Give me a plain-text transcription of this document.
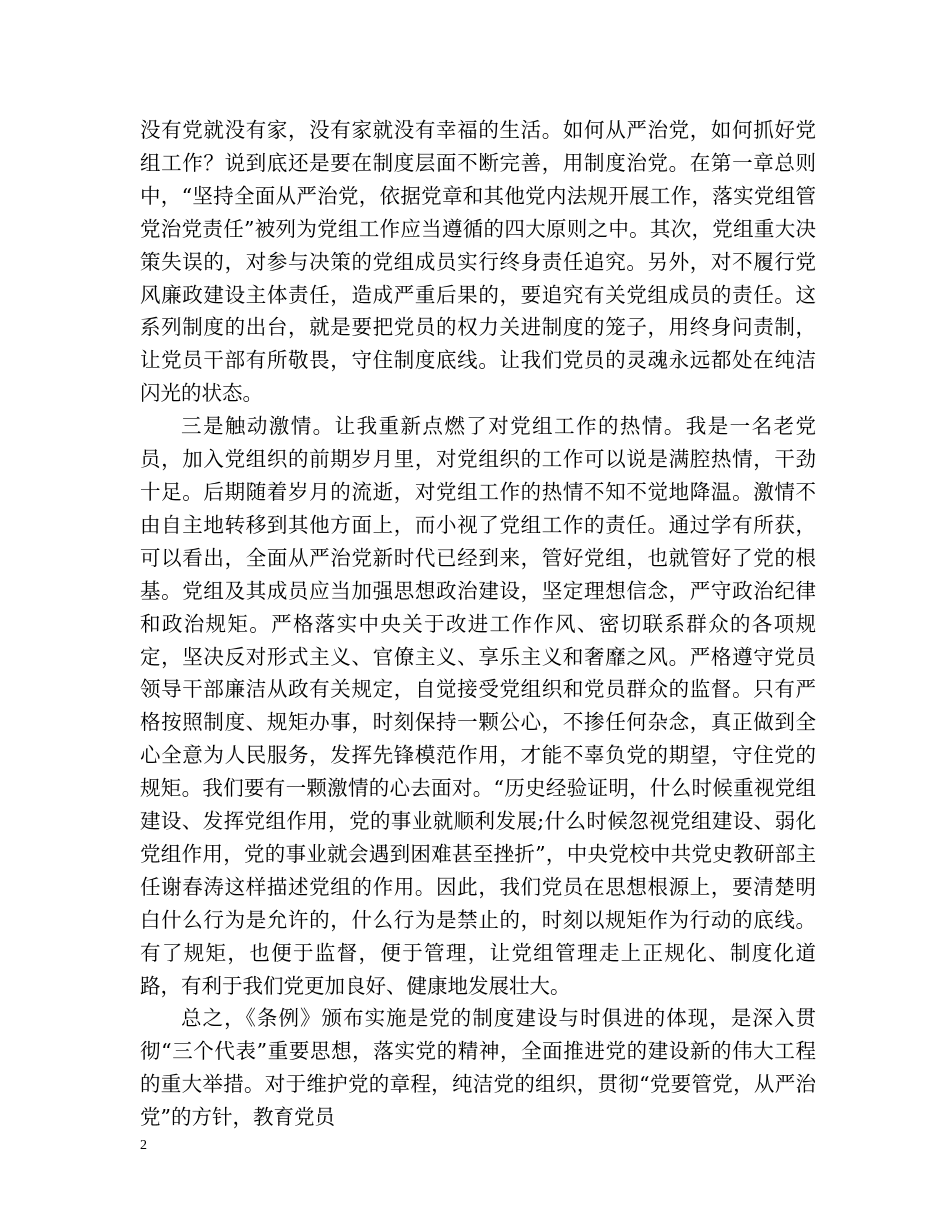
没有党就没有家，没有家就没有幸福的生活。如何从严治党，如何抓好党组工作？说到底还是要在制度层面不断完善，用制度治党。在第一章总则中，“坚持全面从严治党，依据党章和其他党内法规开展工作，落实党组管党治党责任”被列为党组工作应当遵循的四大原则之中。其次，党组重大决策失误的，对参与决策的党组成员实行终身责任追究。另外，对不履行党风廉政建设主体责任，造成严重后果的，要追究有关党组成员的责任。这系列制度的出台，就是要把党员的权力关进制度的笼子，用终身问责制，让党员干部有所敬畏，守住制度底线。让我们党员的灵魂永远都处在纯洁闪光的状态。

三是触动激情。让我重新点燃了对党组工作的热情。我是一名老党员，加入党组织的前期岁月里，对党组织的工作可以说是满腔热情，干劲十足。后期随着岁月的流逝，对党组工作的热情不知不觉地降温。激情不由自主地转移到其他方面上，而小视了党组工作的责任。通过学有所获，可以看出，全面从严治党新时代已经到来，管好党组，也就管好了党的根基。党组及其成员应当加强思想政治建设，坚定理想信念，严守政治纪律和政治规矩。严格落实中央关于改进工作作风、密切联系群众的各项规定，坚决反对形式主义、官僚主义、享乐主义和奢靡之风。严格遵守党员领导干部廉洁从政有关规定，自觉接受党组织和党员群众的监督。只有严格按照制度、规矩办事，时刻保持一颗公心，不掺任何杂念，真正做到全心全意为人民服务，发挥先锋模范作用，才能不辜负党的期望，守住党的规矩。我们要有一颗激情的心去面对。“历史经验证明，什么时候重视党组建设、发挥党组作用，党的事业就顺利发展;什么时候忽视党组建设、弱化党组作用，党的事业就会遇到困难甚至挫折”，中央党校中共党史教研部主任谢春涛这样描述党组的作用。因此，我们党员在思想根源上，要清楚明白什么行为是允许的，什么行为是禁止的，时刻以规矩作为行动的底线。有了规矩，也便于监督，便于管理，让党组管理走上正规化、制度化道路，有利于我们党更加良好、健康地发展壮大。

总之，《条例》颁布实施是党的制度建设与时俱进的体现，是深入贯彻“三个代表”重要思想，落实党的精神，全面推进党的建设新的伟大工程的重大举措。对于维护党的章程，纯洁党的组织，贯彻“党要管党，从严治党”的方针，教育党员

2
